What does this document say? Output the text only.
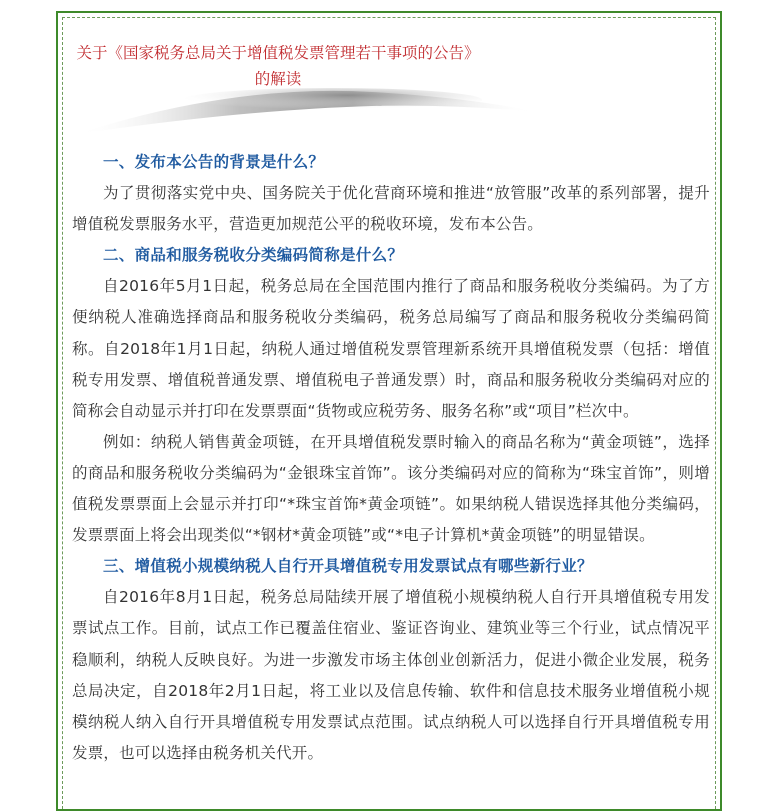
关于《国家税务总局关于增值税发票管理若干事项的公告》
的解读

一、发布本公告的背景是什么？

为了贯彻落实党中央、国务院关于优化营商环境和推进“放管服”改革的系列部署，提升增值税发票服务水平，营造更加规范公平的税收环境，发布本公告。

二、商品和服务税收分类编码简称是什么？

自2016年5月1日起，税务总局在全国范围内推行了商品和服务税收分类编码。为了方便纳税人准确选择商品和服务税收分类编码，税务总局编写了商品和服务税收分类编码简称。自2018年1月1日起，纳税人通过增值税发票管理新系统开具增值税发票（包括：增值税专用发票、增值税普通发票、增值税电子普通发票）时，商品和服务税收分类编码对应的简称会自动显示并打印在发票票面“货物或应税劳务、服务名称”或“项目”栏次中。

例如：纳税人销售黄金项链，在开具增值税发票时输入的商品名称为“黄金项链”，选择的商品和服务税收分类编码为“金银珠宝首饰”。该分类编码对应的简称为“珠宝首饰”，则增值税发票票面上会显示并打印“*珠宝首饰*黄金项链”。如果纳税人错误选择其他分类编码，发票票面上将会出现类似“*钢材*黄金项链”或“*电子计算机*黄金项链”的明显错误。

三、增值税小规模纳税人自行开具增值税专用发票试点有哪些新行业？

自2016年8月1日起，税务总局陆续开展了增值税小规模纳税人自行开具增值税专用发票试点工作。目前，试点工作已覆盖住宿业、鉴证咨询业、建筑业等三个行业，试点情况平稳顺利，纳税人反映良好。为进一步激发市场主体创业创新活力，促进小微企业发展，税务总局决定，自2018年2月1日起，将工业以及信息传输、软件和信息技术服务业增值税小规模纳税人纳入自行开具增值税专用发票试点范围。试点纳税人可以选择自行开具增值税专用发票，也可以选择由税务机关代开。
